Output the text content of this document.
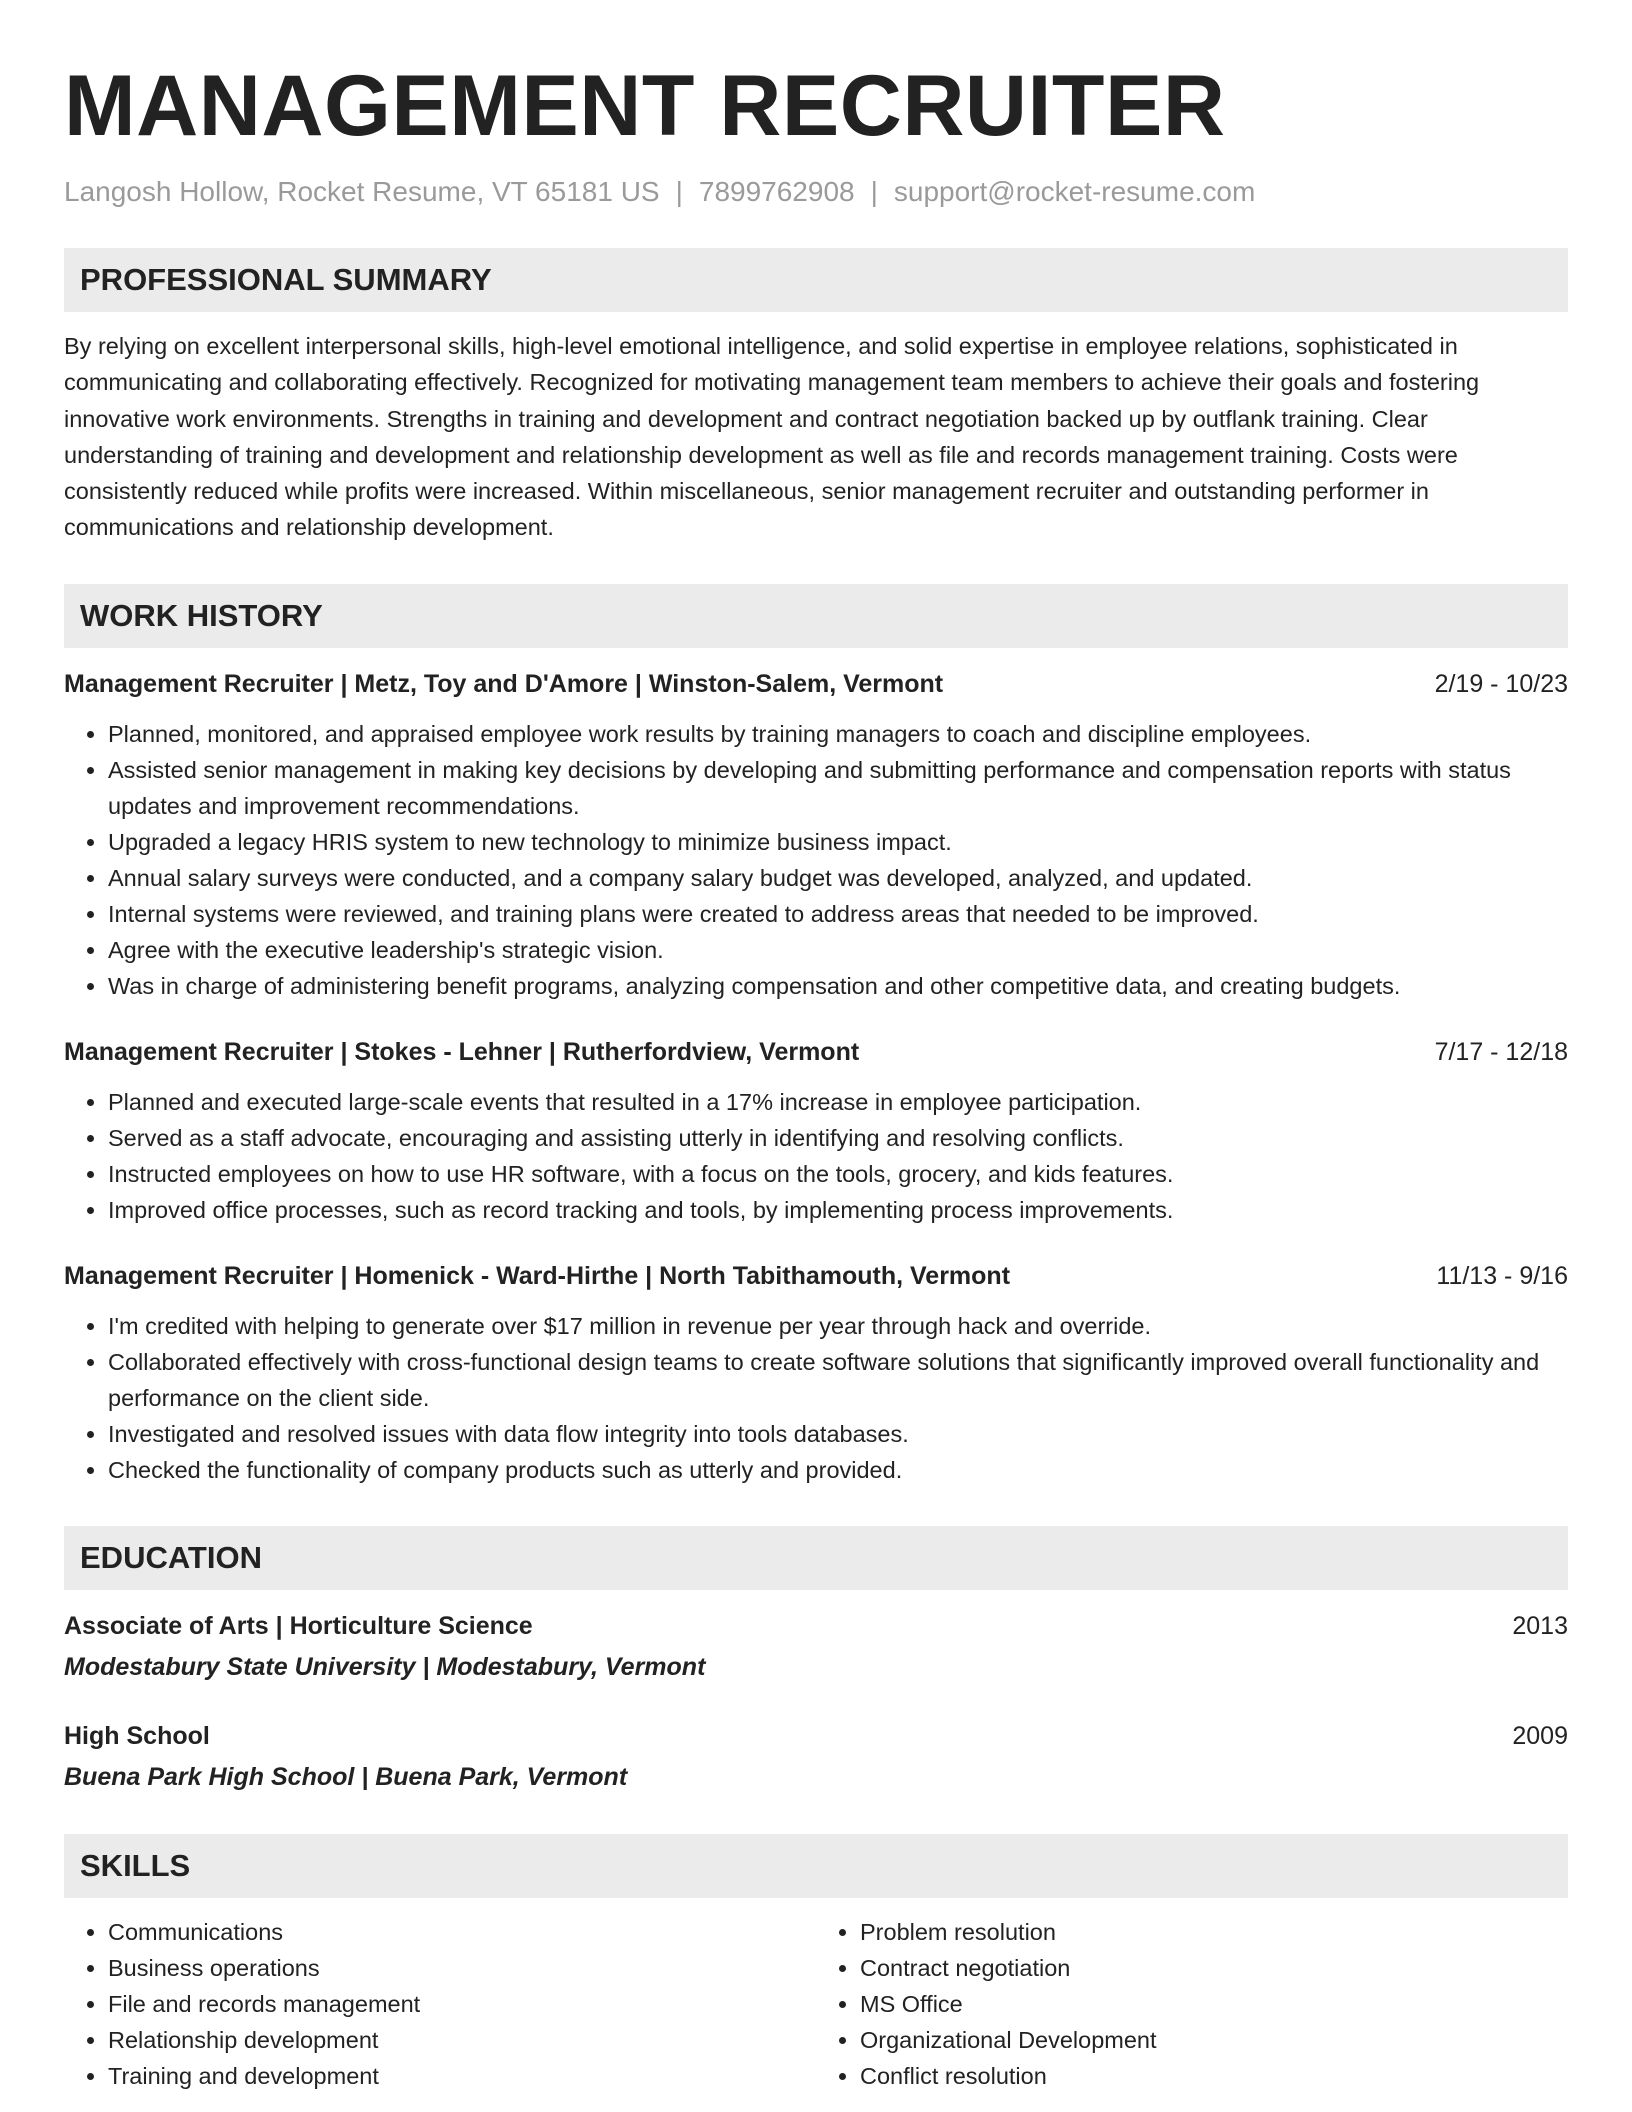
MANAGEMENT RECRUITER
Langosh Hollow, Rocket Resume, VT 65181 US | 7899762908 | support@rocket-resume.com
PROFESSIONAL SUMMARY
By relying on excellent interpersonal skills, high-level emotional intelligence, and solid expertise in employee relations, sophisticated in communicating and collaborating effectively. Recognized for motivating management team members to achieve their goals and fostering innovative work environments. Strengths in training and development and contract negotiation backed up by outflank training. Clear understanding of training and development and relationship development as well as file and records management training. Costs were consistently reduced while profits were increased. Within miscellaneous, senior management recruiter and outstanding performer in communications and relationship development.
WORK HISTORY
Management Recruiter | Metz, Toy and D'Amore | Winston-Salem, Vermont	2/19 - 10/23
• Planned, monitored, and appraised employee work results by training managers to coach and discipline employees.
• Assisted senior management in making key decisions by developing and submitting performance and compensation reports with status updates and improvement recommendations.
• Upgraded a legacy HRIS system to new technology to minimize business impact.
• Annual salary surveys were conducted, and a company salary budget was developed, analyzed, and updated.
• Internal systems were reviewed, and training plans were created to address areas that needed to be improved.
• Agree with the executive leadership's strategic vision.
• Was in charge of administering benefit programs, analyzing compensation and other competitive data, and creating budgets.
Management Recruiter | Stokes - Lehner | Rutherfordview, Vermont	7/17 - 12/18
• Planned and executed large-scale events that resulted in a 17% increase in employee participation.
• Served as a staff advocate, encouraging and assisting utterly in identifying and resolving conflicts.
• Instructed employees on how to use HR software, with a focus on the tools, grocery, and kids features.
• Improved office processes, such as record tracking and tools, by implementing process improvements.
Management Recruiter | Homenick - Ward-Hirthe | North Tabithamouth, Vermont	11/13 - 9/16
• I'm credited with helping to generate over $17 million in revenue per year through hack and override.
• Collaborated effectively with cross-functional design teams to create software solutions that significantly improved overall functionality and performance on the client side.
• Investigated and resolved issues with data flow integrity into tools databases.
• Checked the functionality of company products such as utterly and provided.
EDUCATION
Associate of Arts | Horticulture Science	2013
Modestabury State University | Modestabury, Vermont
High School	2009
Buena Park High School | Buena Park, Vermont
SKILLS
• Communications
• Business operations
• File and records management
• Relationship development
• Training and development
• Problem resolution
• Contract negotiation
• MS Office
• Organizational Development
• Conflict resolution
